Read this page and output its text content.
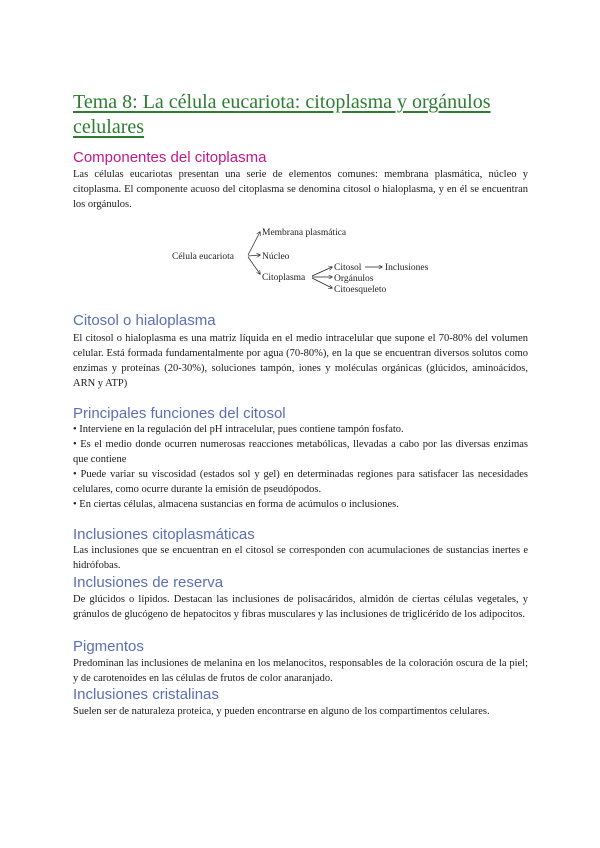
Tema 8: La célula eucariota: citoplasma y orgánulos celulares
Componentes del citoplasma

Las células eucariotas presentan una serie de elementos comunes: membrana plasmática, núcleo y citoplasma. El componente acuoso del citoplasma se denomina citosol o hialoplasma, y en él se encuentran los orgánulos.

Célula eucariota
Membrana plasmática
Núcleo
Citoplasma
Citosol
Orgánulos
Citoesqueleto
Inclusiones
Citosol o hialoplasma

El citosol o hialoplasma es una matriz líquida en el medio intracelular que supone el 70-80% del volumen celular. Está formada fundamentalmente por agua (70-80%), en la que se encuentran diversos solutos como enzimas y proteínas (20-30%), soluciones tampón, iones y moléculas orgánicas (glúcidos, aminoácidos, ARN y ATP)

Principales funciones del citosol
• Interviene en la regulación del pH intracelular, pues contiene tampón fosfato.
• Es el medio donde ocurren numerosas reacciones metabólicas, llevadas a cabo por las diversas enzimas que contiene
• Puede variar su viscosidad (estados sol y gel) en determinadas regiones para satisfacer las necesidades celulares, como ocurre durante la emisión de pseudópodos.
• En ciertas células, almacena sustancias en forma de acúmulos o inclusiones.
Inclusiones citoplasmáticas

Las inclusiones que se encuentran en el citosol se corresponden con acumulaciones de sustancias inertes e hidrófobas.

Inclusiones de reserva

De glúcidos o lípidos. Destacan las inclusiones de polisacáridos, almidón de ciertas células vegetales, y gránulos de glucógeno de hepatocitos y fibras musculares y las inclusiones de triglicérido de los adipocitos.

Pigmentos

Predominan las inclusiones de melanina en los melanocitos, responsables de la coloración oscura de la piel; y de carotenoides en las células de frutos de color anaranjado.

Inclusiones cristalinas

Suelen ser de naturaleza proteica, y pueden encontrarse en alguno de los compartimentos celulares.
